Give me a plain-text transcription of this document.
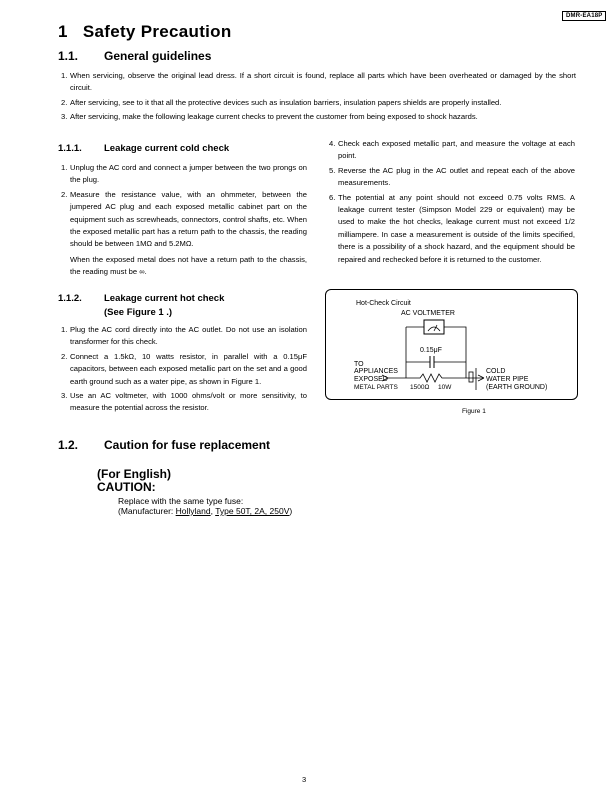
DMR-EA18P
1 Safety Precaution
1.1. General guidelines
1. When servicing, observe the original lead dress. If a short circuit is found, replace all parts which have been overheated or damaged by the short circuit.
2. After servicing, see to it that all the protective devices such as insulation barriers, insulation papers shields are properly installed.
3. After servicing, make the following leakage current checks to prevent the customer from being exposed to shock hazards.
1.1.1. Leakage current cold check
1. Unplug the AC cord and connect a jumper between the two prongs on the plug.
2. Measure the resistance value, with an ohmmeter, between the jumpered AC plug and each exposed metallic cabinet part on the equipment such as screwheads, connectors, control shafts, etc. When the exposed metallic part has a return path to the chassis, the reading should be between 1MΩ and 5.2MΩ.
When the exposed metal does not have a return path to the chassis, the reading must be ∞.
1.1.2. Leakage current hot check
(See Figure 1 .)
1. Plug the AC cord directly into the AC outlet. Do not use an isolation transformer for this check.
2. Connect a 1.5kΩ, 10 watts resistor, in parallel with a 0.15μF capacitors, between each exposed metallic part on the set and a good earth ground such as a water pipe, as shown in Figure 1.
3. Use an AC voltmeter, with 1000 ohms/volt or more sensitivity, to measure the potential across the resistor.
4. Check each exposed metallic part, and measure the voltage at each point.
5. Reverse the AC plug in the AC outlet and repeat each of the above measurements.
6. The potential at any point should not exceed 0.75 volts RMS. A leakage current tester (Simpson Model 229 or equivalent) may be used to make the hot checks, leakage current must not exceed 1/2 milliampere. In case a measurement is outside of the limits specified, there is a possibility of a shock hazard, and the equipment should be repaired and rechecked before it is returned to the customer.
Hot-Check Circuit
AC VOLTMETER
0.15μF
TO
APPLIANCES
EXPOSED
METAL PARTS 1500Ω 10W
COLD
WATER PIPE
(EARTH GROUND)
Figure 1
1.2. Caution for fuse replacement
(For English)
CAUTION:
Replace with the same type fuse:
(Manufacturer: Hollyland, Type 50T, 2A, 250V)
3
